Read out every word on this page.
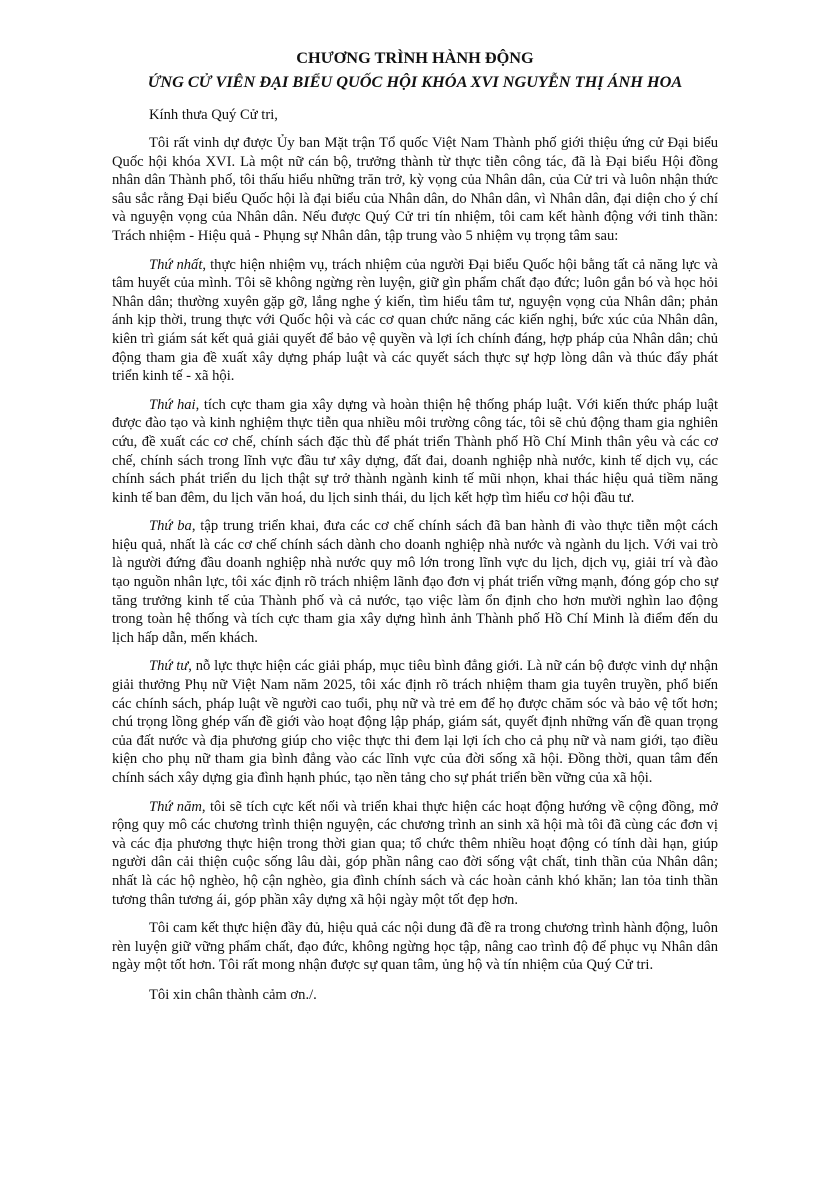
CHƯƠNG TRÌNH HÀNH ĐỘNG
ỨNG CỬ VIÊN ĐẠI BIỂU QUỐC HỘI KHÓA XVI NGUYỄN THỊ ÁNH HOA

Kính thưa Quý Cử tri,

Tôi rất vinh dự được Ủy ban Mặt trận Tổ quốc Việt Nam Thành phố giới thiệu ứng cử Đại biểu Quốc hội khóa XVI. Là một nữ cán bộ, trưởng thành từ thực tiễn công tác, đã là Đại biểu Hội đồng nhân dân Thành phố, tôi thấu hiểu những trăn trở, kỳ vọng của Nhân dân, của Cử tri và luôn nhận thức sâu sắc rằng Đại biểu Quốc hội là đại biểu của Nhân dân, do Nhân dân, vì Nhân dân, đại diện cho ý chí và nguyện vọng của Nhân dân. Nếu được Quý Cử tri tín nhiệm, tôi cam kết hành động với tinh thần: Trách nhiệm - Hiệu quả - Phụng sự Nhân dân, tập trung vào 5 nhiệm vụ trọng tâm sau:

Thứ nhất, thực hiện nhiệm vụ, trách nhiệm của người Đại biểu Quốc hội bằng tất cả năng lực và tâm huyết của mình. Tôi sẽ không ngừng rèn luyện, giữ gìn phẩm chất đạo đức; luôn gắn bó và học hỏi Nhân dân; thường xuyên gặp gỡ, lắng nghe ý kiến, tìm hiểu tâm tư, nguyện vọng của Nhân dân; phản ánh kịp thời, trung thực với Quốc hội và các cơ quan chức năng các kiến nghị, bức xúc của Nhân dân, kiên trì giám sát kết quả giải quyết để bảo vệ quyền và lợi ích chính đáng, hợp pháp của Nhân dân; chủ động tham gia đề xuất xây dựng pháp luật và các quyết sách thực sự hợp lòng dân và thúc đẩy phát triển kinh tế - xã hội.

Thứ hai, tích cực tham gia xây dựng và hoàn thiện hệ thống pháp luật. Với kiến thức pháp luật được đào tạo và kinh nghiệm thực tiễn qua nhiều môi trường công tác, tôi sẽ chủ động tham gia nghiên cứu, đề xuất các cơ chế, chính sách đặc thù để phát triển Thành phố Hồ Chí Minh thân yêu và các cơ chế, chính sách trong lĩnh vực đầu tư xây dựng, đất đai, doanh nghiệp nhà nước, kinh tế dịch vụ, các chính sách phát triển du lịch thật sự trở thành ngành kinh tế mũi nhọn, khai thác hiệu quả tiềm năng kinh tế ban đêm, du lịch văn hoá, du lịch sinh thái, du lịch kết hợp tìm hiểu cơ hội đầu tư.

Thứ ba, tập trung triển khai, đưa các cơ chế chính sách đã ban hành đi vào thực tiễn một cách hiệu quả, nhất là các cơ chế chính sách dành cho doanh nghiệp nhà nước và ngành du lịch. Với vai trò là người đứng đầu doanh nghiệp nhà nước quy mô lớn trong lĩnh vực du lịch, dịch vụ, giải trí và đào tạo nguồn nhân lực, tôi xác định rõ trách nhiệm lãnh đạo đơn vị phát triển vững mạnh, đóng góp cho sự tăng trưởng kinh tế của Thành phố và cả nước, tạo việc làm ổn định cho hơn mười nghìn lao động trong toàn hệ thống và tích cực tham gia xây dựng hình ảnh Thành phố Hồ Chí Minh là điểm đến du lịch hấp dẫn, mến khách.

Thứ tư, nỗ lực thực hiện các giải pháp, mục tiêu bình đẳng giới. Là nữ cán bộ được vinh dự nhận giải thưởng Phụ nữ Việt Nam năm 2025, tôi xác định rõ trách nhiệm tham gia tuyên truyền, phổ biến các chính sách, pháp luật về người cao tuổi, phụ nữ và trẻ em để họ được chăm sóc và bảo vệ tốt hơn; chú trọng lồng ghép vấn đề giới vào hoạt động lập pháp, giám sát, quyết định những vấn đề quan trọng của đất nước và địa phương giúp cho việc thực thi đem lại lợi ích cho cả phụ nữ và nam giới, tạo điều kiện cho phụ nữ tham gia bình đẳng vào các lĩnh vực của đời sống xã hội. Đồng thời, quan tâm đến chính sách xây dựng gia đình hạnh phúc, tạo nền tảng cho sự phát triển bền vững của xã hội.

Thứ năm, tôi sẽ tích cực kết nối và triển khai thực hiện các hoạt động hướng về cộng đồng, mở rộng quy mô các chương trình thiện nguyện, các chương trình an sinh xã hội mà tôi đã cùng các đơn vị và các địa phương thực hiện trong thời gian qua; tổ chức thêm nhiều hoạt động có tính dài hạn, giúp người dân cải thiện cuộc sống lâu dài, góp phần nâng cao đời sống vật chất, tinh thần của Nhân dân; nhất là các hộ nghèo, hộ cận nghèo, gia đình chính sách và các hoàn cảnh khó khăn; lan tỏa tinh thần tương thân tương ái, góp phần xây dựng xã hội ngày một tốt đẹp hơn.

Tôi cam kết thực hiện đầy đủ, hiệu quả các nội dung đã đề ra trong chương trình hành động, luôn rèn luyện giữ vững phẩm chất, đạo đức, không ngừng học tập, nâng cao trình độ để phục vụ Nhân dân ngày một tốt hơn. Tôi rất mong nhận được sự quan tâm, ủng hộ và tín nhiệm của Quý Cử tri.

Tôi xin chân thành cảm ơn./.
